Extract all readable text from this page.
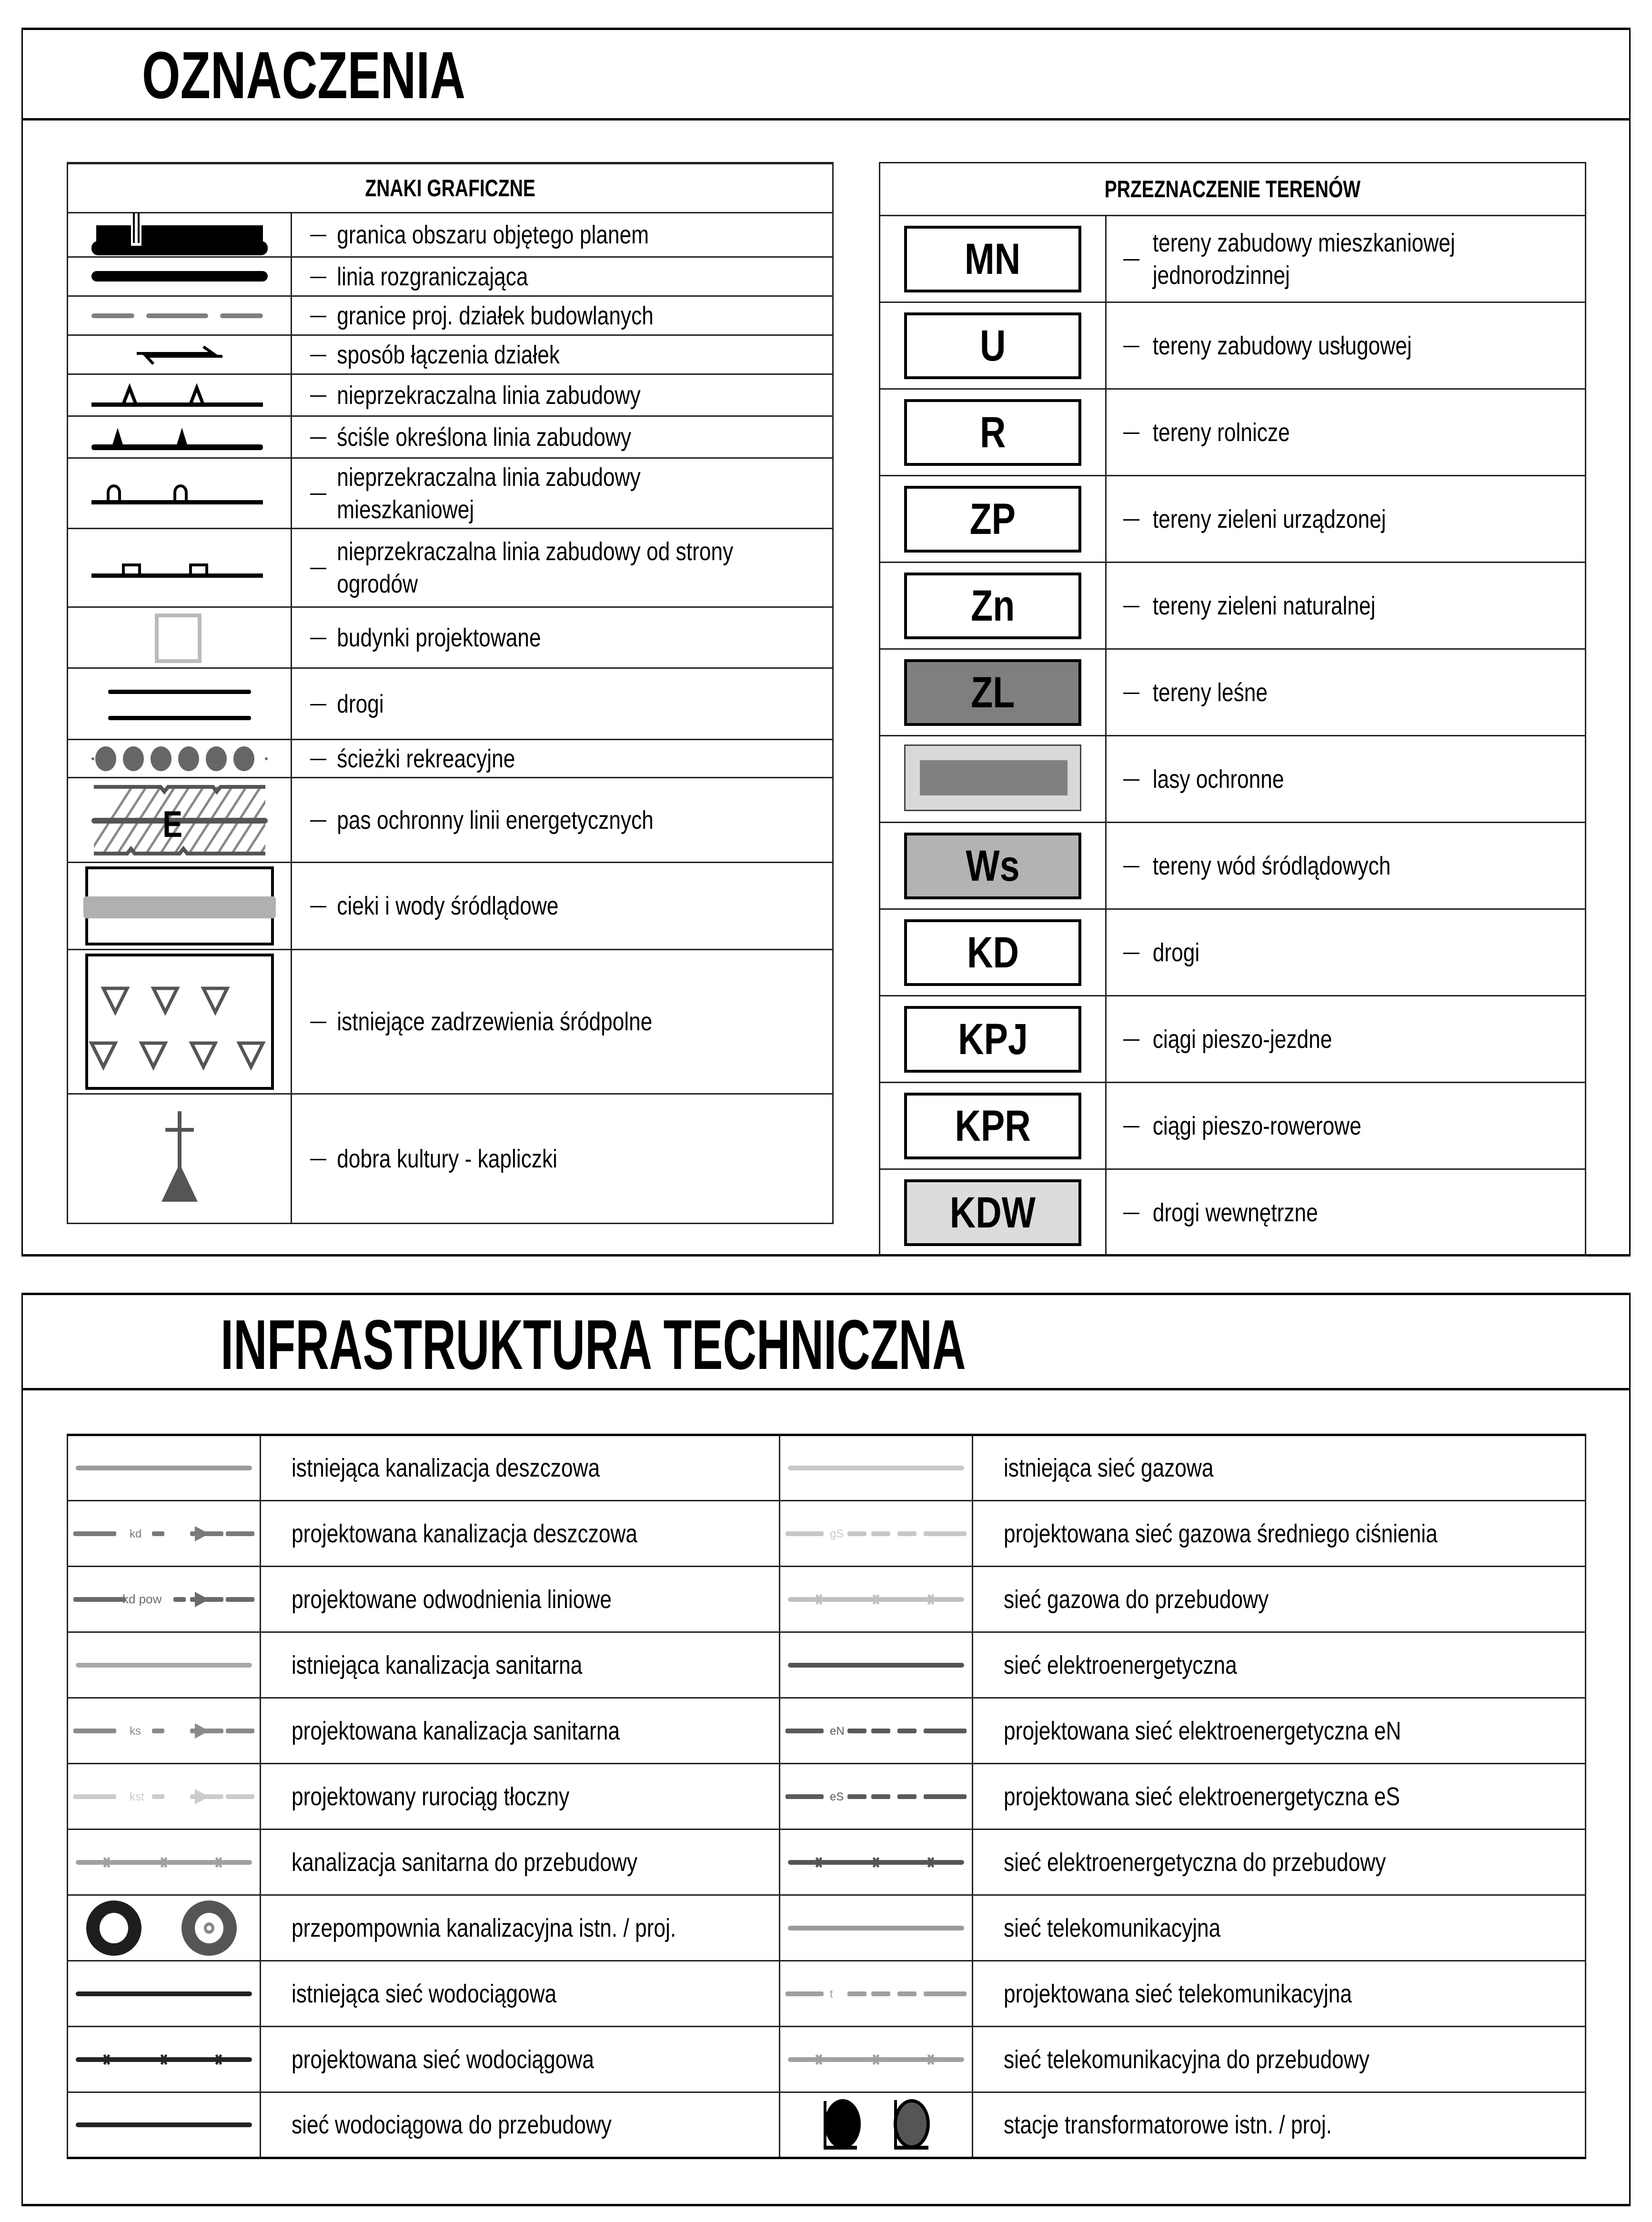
OZNACZENIA
ZNAKI GRAFICZNE	

granica obszaru objętego planem

linia rozgraniczająca

granice proj. działek budowlanych

sposób łączenia działek

nieprzekraczalna linia zabudowy

ściśle określona linia zabudowy

nieprzekraczalna linia zabudowy mieszkaniowej

nieprzekraczalna linia zabudowy od strony ogrodów

budynki projektowane

drogi

ścieżki rekreacyjne

E	pas ochronny linii energetycznych

cieki i wody śródlądowe

istniejące zadrzewienia śródpolne

dobra kultury - kapliczki
PRZEZNACZENIE TERENÓW	
MN	tereny zabudowy mieszkaniowej jednorodzinnej

U	tereny zabudowy usługowej

R	tereny rolnicze

ZP	tereny zieleni urządzonej

Zn	tereny zieleni naturalnej

ZL	tereny leśne

	lasy ochronne

Ws	tereny wód śródlądowych

KD	drogi

KPJ	ciągi pieszo-jezdne

KPR	ciągi pieszo-rowerowe

KDW	drogi wewnętrzne
INFRASTRUKTURA TECHNICZNA

istniejąca kanalizacja deszczowa		istniejąca sieć gazowa

kd	projektowana kanalizacja deszczowa	gS	projektowana sieć gazowa średniego ciśnienia

kd pow	projektowane odwodnienia liniowe		sieć gazowa do przebudowy

istniejąca kanalizacja sanitarna		sieć elektroenergetyczna

ks	projektowana kanalizacja sanitarna	eN	projektowana sieć elektroenergetyczna eN

kst	projektowany rurociąg tłoczny	eS	projektowana sieć elektroenergetyczna eS

kanalizacja sanitarna do przebudowy		sieć elektroenergetyczna do przebudowy

przepompownia kanalizacyjna istn. / proj.		sieć telekomunikacyjna

istniejąca sieć wodociągowa	t	projektowana sieć telekomunikacyjna

projektowana sieć wodociągowa		sieć telekomunikacyjna do przebudowy

sieć wodociągowa do przebudowy		stacje transformatorowe istn. / proj.
